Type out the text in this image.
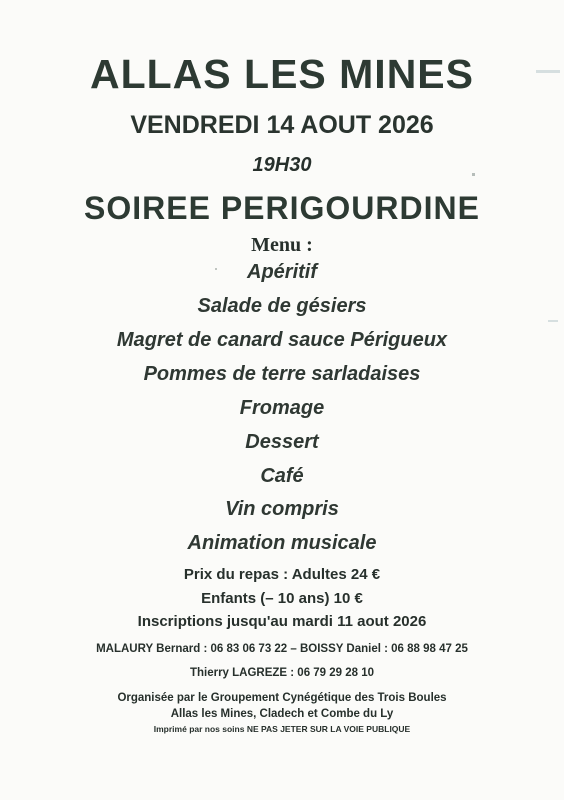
ALLAS LES MINES
VENDREDI 14 AOUT 2026
19H30
SOIREE PERIGOURDINE
Menu :
Apéritif
Salade de gésiers
Magret de canard sauce Périgueux
Pommes de terre sarladaises
Fromage
Dessert
Café
Vin compris
Animation musicale
Prix du repas : Adultes 24 €
Enfants (– 10 ans) 10 €
Inscriptions jusqu'au mardi 11 aout 2026
MALAURY Bernard : 06 83 06 73 22 – BOISSY Daniel : 06 88 98 47 25
Thierry LAGREZE : 06 79 29 28 10
Organisée par le Groupement Cynégétique des Trois Boules
Allas les Mines, Cladech et Combe du Ly
Imprimé par nos soins NE PAS JETER SUR LA VOIE PUBLIQUE
